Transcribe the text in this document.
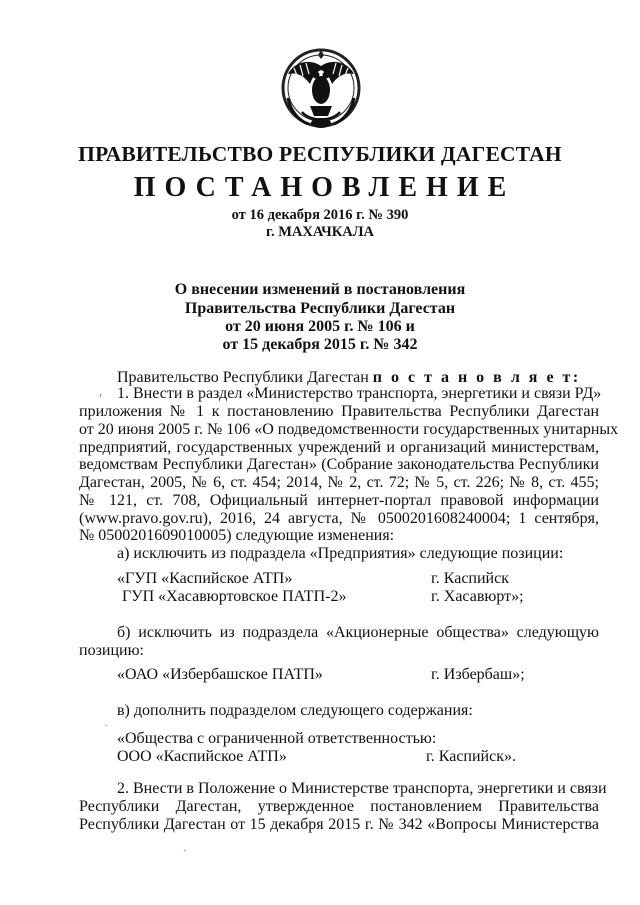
ПРАВИТЕЛЬСТВО РЕСПУБЛИКИ ДАГЕСТАН
ПОСТАНОВЛЕНИЕ
от 16 декабря 2016 г. № 390
г. МАХАЧКАЛА
О внесении изменений в постановления
Правительства Республики Дагестан
от 20 июня 2005 г. № 106 и
от 15 декабря 2015 г. № 342
Правительство Республики Дагестан п о с т а н о в л я е т:
, 1. Внести в раздел «Министерство транспорта, энергетики и связи РД»
приложения № 1 к постановлению Правительства Республики Дагестан
от 20 июня 2005 г. № 106 «О подведомственности государственных унитарных
предприятий, государственных учреждений и организаций министерствам,
ведомствам Республики Дагестан» (Собрание законодательства Республики
Дагестан, 2005, № 6, ст. 454; 2014, № 2, ст. 72; № 5, ст. 226; № 8, ст. 455;
№ 121, ст. 708, Официальный интернет-портал правовой информации
(www.pravo.gov.ru), 2016, 24 августа, № 0500201608240004; 1 сентября,
№ 0500201609010005) следующие изменения:
а) исключить из подраздела «Предприятия» следующие позиции:
«ГУП «Каспийское АТП»	г. Каспийск
ГУП «Хасавюртовское ПАТП-2»	г. Хасавюрт»;
б) исключить из подраздела «Акционерные общества» следующую
позицию:
«ОАО «Избербашское ПАТП»	г. Избербаш»;
в) дополнить подразделом следующего содержания:
·
«Общества с ограниченной ответственностью:
ООО «Каспийское АТП»	г. Каспийск».
2. Внести в Положение о Министерстве транспорта, энергетики и связи
Республики Дагестан, утвержденное постановлением Правительства
Республики Дагестан от 15 декабря 2015 г. № 342 «Вопросы Министерства
ˏ
